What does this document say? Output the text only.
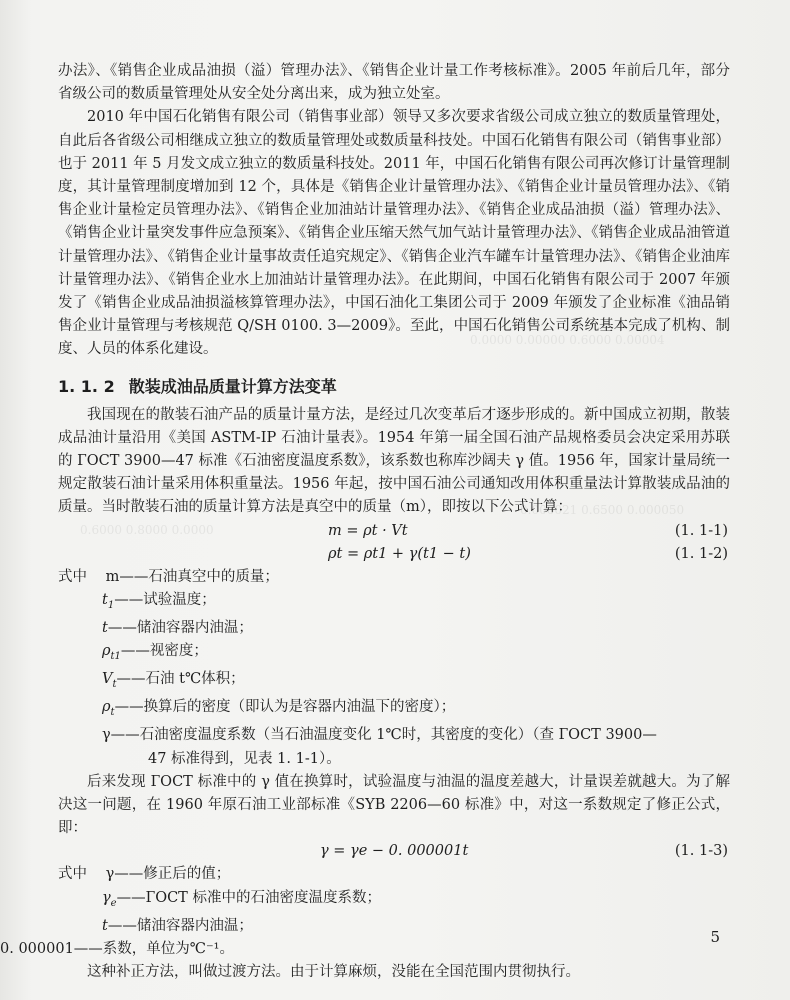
0.0000 0.00000 0.6000 0.00004
0.000021 0.6500 0.000050
0.6000 0.8000 0.0000

办法》、《销售企业成品油损（溢）管理办法》、《销售企业计量工作考核标准》。2005 年前后几年，部分省级公司的数质量管理处从安全处分离出来，成为独立处室。

2010 年中国石化销售有限公司（销售事业部）领导又多次要求省级公司成立独立的数质量管理处，自此后各省级公司相继成立独立的数质量管理处或数质量科技处。中国石化销售有限公司（销售事业部）也于 2011 年 5 月发文成立独立的数质量科技处。2011 年，中国石化销售有限公司再次修订计量管理制度，其计量管理制度增加到 12 个，具体是《销售企业计量管理办法》、《销售企业计量员管理办法》、《销售企业计量检定员管理办法》、《销售企业加油站计量管理办法》、《销售企业成品油损（溢）管理办法》、《销售企业计量突发事件应急预案》、《销售企业压缩天然气加气站计量管理办法》、《销售企业成品油管道计量管理办法》、《销售企业计量事故责任追究规定》、《销售企业汽车罐车计量管理办法》、《销售企业油库计量管理办法》、《销售企业水上加油站计量管理办法》。在此期间，中国石化销售有限公司于 2007 年颁发了《销售企业成品油损溢核算管理办法》，中国石油化工集团公司于 2009 年颁发了企业标准《油品销售企业计量管理与考核规范 Q/SH 0100. 3—2009》。至此，中国石化销售公司系统基本完成了机构、制度、人员的体系化建设。

1. 1. 2 散装成油品质量计算方法变革

我国现在的散装石油产品的质量计量方法，是经过几次变革后才逐步形成的。新中国成立初期，散装成品油计量沿用《美国 ASTM-IP 石油计量表》。1954 年第一届全国石油产品规格委员会决定采用苏联的 ГОСТ 3900—47 标准《石油密度温度系数》，该系数也称库沙阔夫 γ 值。1956 年，国家计量局统一规定散装石油计量采用体积重量法。1956 年起，按中国石油公司通知改用体积重量法计算散装成品油的质量。当时散装石油的质量计算方法是真空中的质量（m），即按以下公式计算：

m = ρt · Vt	(1. 1-1)
ρt = ρt1 + γ(t1 − t)	(1. 1-2)
式中 m——石油真空中的质量；
$t_1——$试验温度；
t——储油容器内油温；
$\rho_{t1}——$视密度；
$V_t——$石油 t℃体积；
$\rho_t——$换算后的密度（即认为是容器内油温下的密度）；
γ——石油密度温度系数（当石油温度变化 1℃时，其密度的变化）（查 ГОСТ 3900—
47 标准得到，见表 1. 1-1）。

后来发现 ГОСТ 标准中的 γ 值在换算时，试验温度与油温的温度差越大，计量误差就越大。为了解决这一问题，在 1960 年原石油工业部标准《SYB 2206—60 标准》中，对这一系数规定了修正公式，即：

γ = γe − 0. 000001t	(1. 1-3)
式中 γ——修正后的值；
$\gamma_e——ГОСТ$ 标准中的石油密度温度系数；
t——储油容器内油温；
0. 000001——系数，单位为℃⁻¹。

这种补正方法，叫做过渡方法。由于计算麻烦，没能在全国范围内贯彻执行。

5
